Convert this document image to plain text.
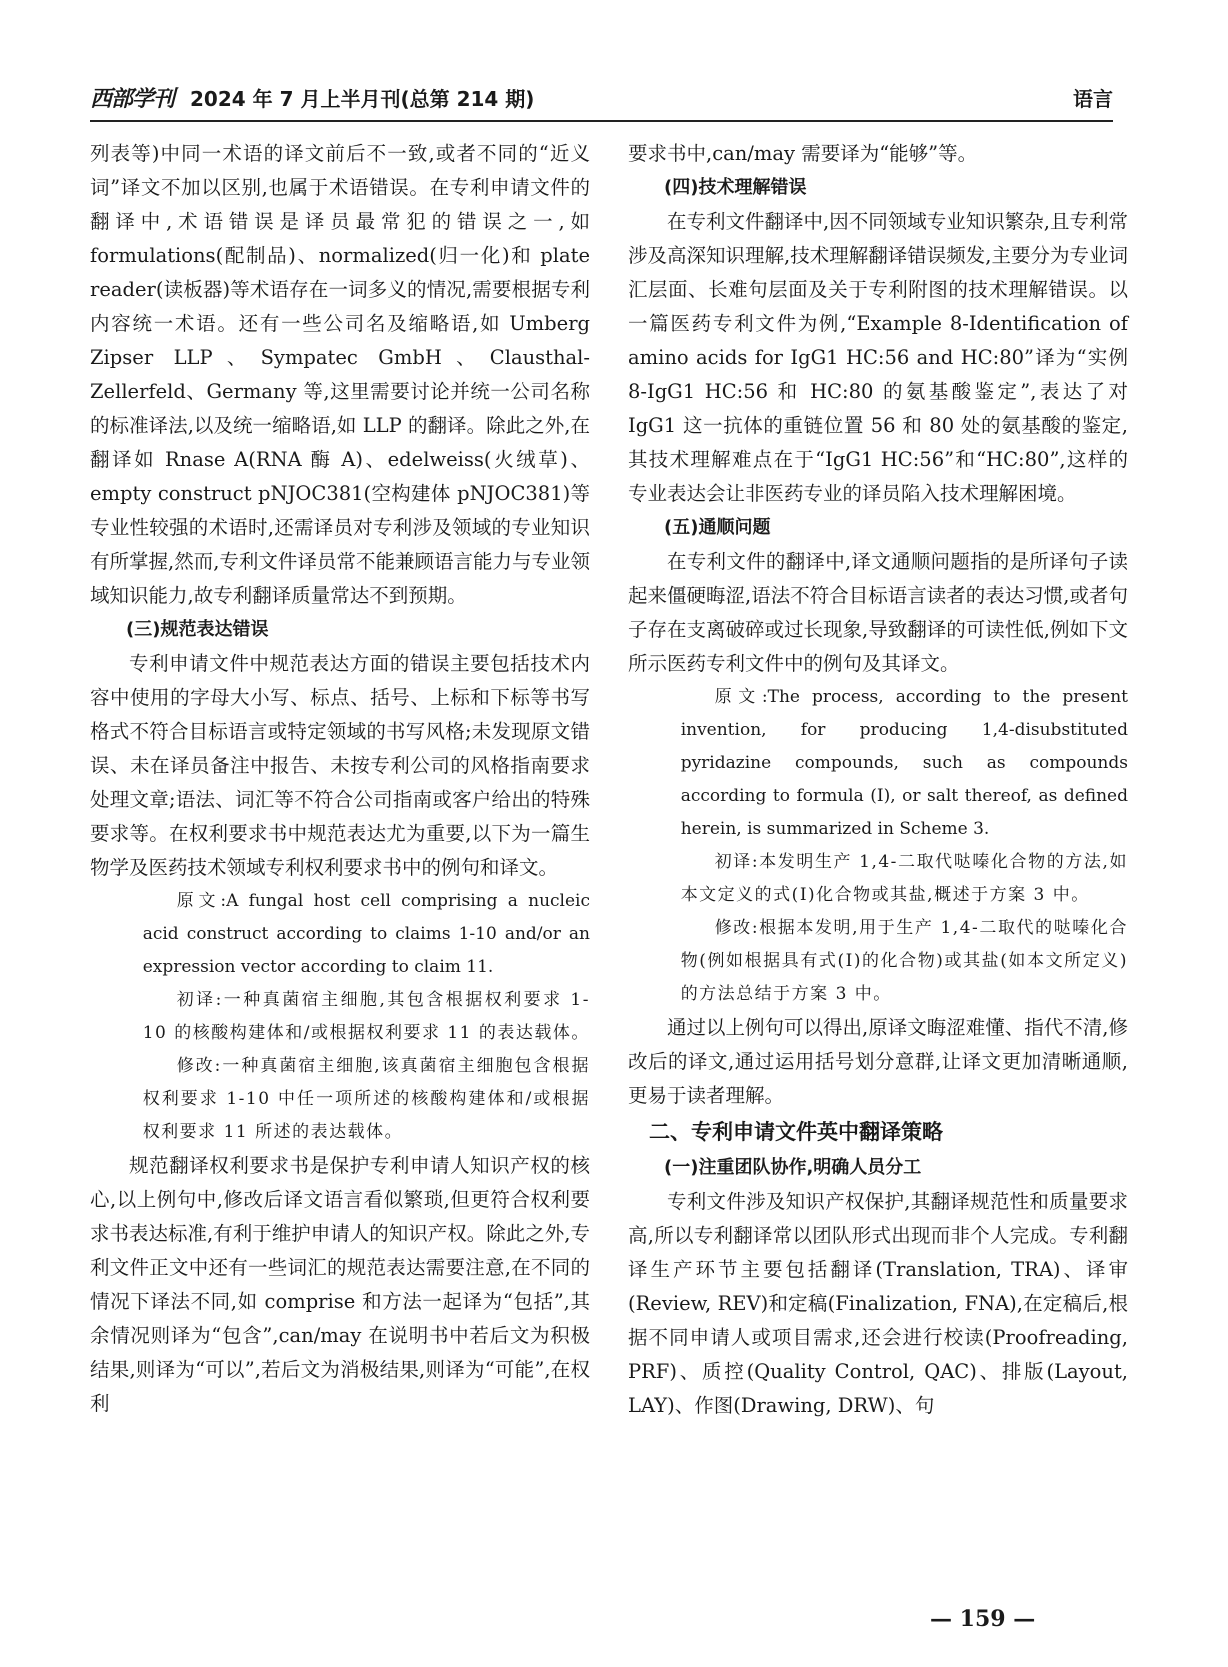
西部学刊 2024 年 7 月上半月刊(总第 214 期)	语言

列表等)中同一术语的译文前后不一致,或者不同的“近义词”译文不加以区别,也属于术语错误。在专利申请文件的翻译中,术语错误是译员最常犯的错误之一,如 formulations(配制品)、normalized(归一化)和 plate reader(读板器)等术语存在一词多义的情况,需要根据专利内容统一术语。还有一些公司名及缩略语,如 Umberg Zipser LLP、Sympatec GmbH、Clausthal-Zellerfeld、Germany 等,这里需要讨论并统一公司名称的标准译法,以及统一缩略语,如 LLP 的翻译。除此之外,在翻译如 Rnase A(RNA 酶 A)、edelweiss(火绒草)、empty construct pNJOC381(空构建体 pNJOC381)等专业性较强的术语时,还需译员对专利涉及领域的专业知识有所掌握,然而,专利文件译员常不能兼顾语言能力与专业领域知识能力,故专利翻译质量常达不到预期。

(三)规范表达错误

专利申请文件中规范表达方面的错误主要包括技术内容中使用的字母大小写、标点、括号、上标和下标等书写格式不符合目标语言或特定领域的书写风格;未发现原文错误、未在译员备注中报告、未按专利公司的风格指南要求处理文章;语法、词汇等不符合公司指南或客户给出的特殊要求等。在权利要求书中规范表达尤为重要,以下为一篇生物学及医药技术领域专利权利要求书中的例句和译文。

原文:A fungal host cell comprising a nucleic acid construct according to claims 1-10 and/or an expression vector according to claim 11.

初译:一种真菌宿主细胞,其包含根据权利要求 1-10 的核酸构建体和/或根据权利要求 11 的表达载体。

修改:一种真菌宿主细胞,该真菌宿主细胞包含根据权利要求 1-10 中任一项所述的核酸构建体和/或根据权利要求 11 所述的表达载体。

规范翻译权利要求书是保护专利申请人知识产权的核心,以上例句中,修改后译文语言看似繁琐,但更符合权利要求书表达标准,有利于维护申请人的知识产权。除此之外,专利文件正文中还有一些词汇的规范表达需要注意,在不同的情况下译法不同,如 comprise 和方法一起译为“包括”,其余情况则译为“包含”,can/may 在说明书中若后文为积极结果,则译为“可以”,若后文为消极结果,则译为“可能”,在权利

要求书中,can/may 需要译为“能够”等。

(四)技术理解错误

在专利文件翻译中,因不同领域专业知识繁杂,且专利常涉及高深知识理解,技术理解翻译错误频发,主要分为专业词汇层面、长难句层面及关于专利附图的技术理解错误。以一篇医药专利文件为例,“Example 8-Identification of amino acids for IgG1 HC:56 and HC:80”译为“实例 8-IgG1 HC:56 和 HC:80 的氨基酸鉴定”,表达了对 IgG1 这一抗体的重链位置 56 和 80 处的氨基酸的鉴定,其技术理解难点在于“IgG1 HC:56”和“HC:80”,这样的专业表达会让非医药专业的译员陷入技术理解困境。

(五)通顺问题

在专利文件的翻译中,译文通顺问题指的是所译句子读起来僵硬晦涩,语法不符合目标语言读者的表达习惯,或者句子存在支离破碎或过长现象,导致翻译的可读性低,例如下文所示医药专利文件中的例句及其译文。

原文:The process, according to the present invention, for producing 1,4-disubstituted pyridazine compounds, such as compounds according to formula (I), or salt thereof, as defined herein, is summarized in Scheme 3.

初译:本发明生产 1,4-二取代哒嗪化合物的方法,如本文定义的式(I)化合物或其盐,概述于方案 3 中。

修改:根据本发明,用于生产 1,4-二取代的哒嗪化合物(例如根据具有式(I)的化合物)或其盐(如本文所定义)的方法总结于方案 3 中。

通过以上例句可以得出,原译文晦涩难懂、指代不清,修改后的译文,通过运用括号划分意群,让译文更加清晰通顺,更易于读者理解。

二、专利申请文件英中翻译策略
(一)注重团队协作,明确人员分工

专利文件涉及知识产权保护,其翻译规范性和质量要求高,所以专利翻译常以团队形式出现而非个人完成。专利翻译生产环节主要包括翻译(Translation, TRA)、译审(Review, REV)和定稿(Finalization, FNA),在定稿后,根据不同申请人或项目需求,还会进行校读(Proofreading, PRF)、质控(Quality Control, QAC)、排版(Layout, LAY)、作图(Drawing, DRW)、句

— 159 —
